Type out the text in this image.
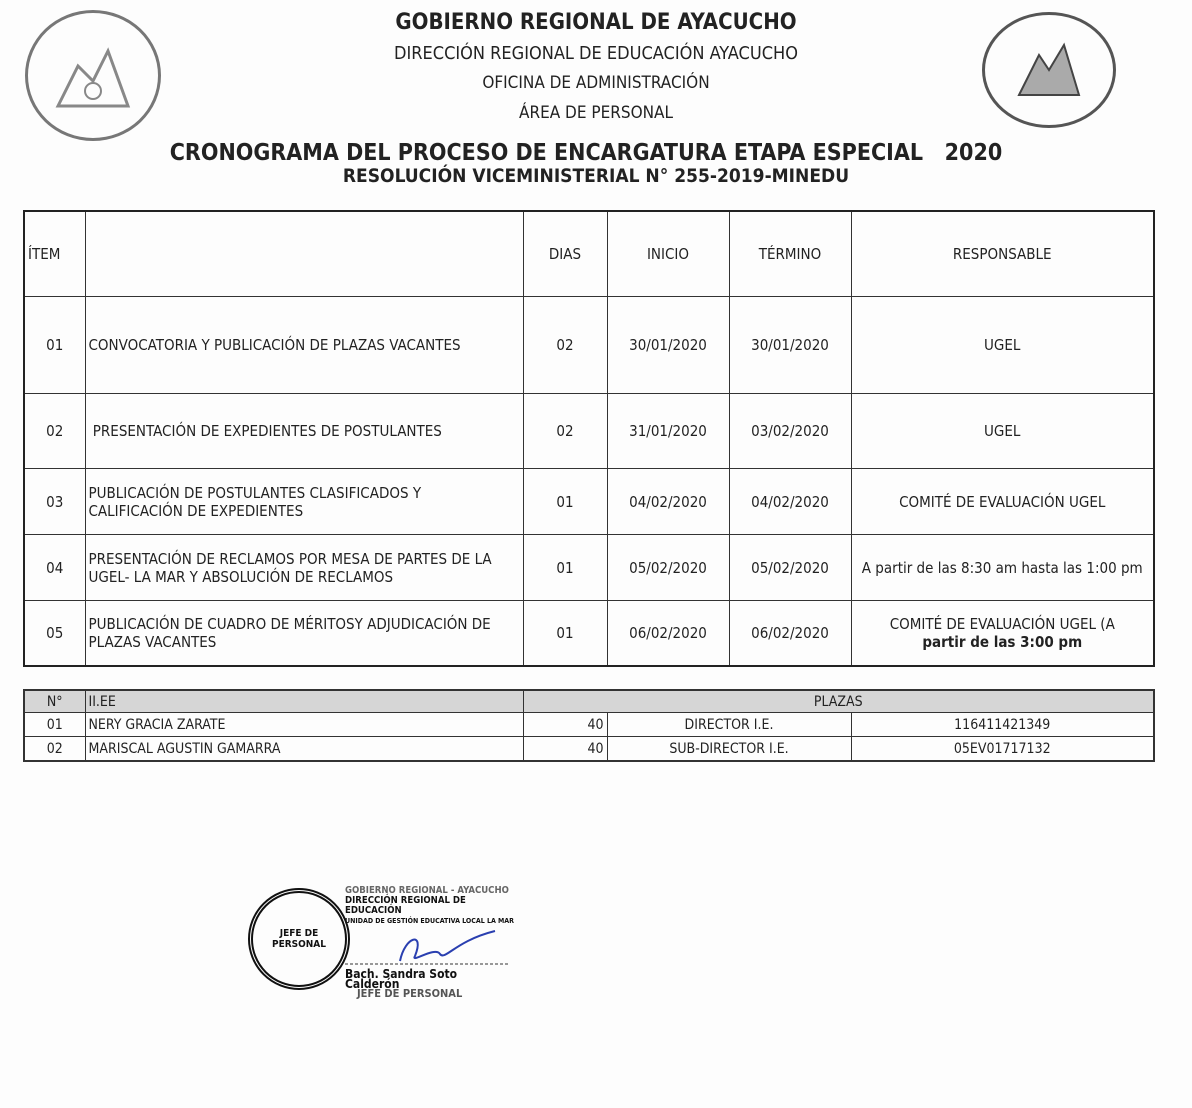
GOBIERNO REGIONAL DE AYACUCHO
DIRECCIÓN REGIONAL DE EDUCACIÓN AYACUCHO
OFICINA DE ADMINISTRACIÓN
ÁREA DE PERSONAL
CRONOGRAMA DEL PROCESO DE ENCARGATURA ETAPA ESPECIAL   2020
RESOLUCIÓN VICEMINISTERIAL N° 255-2019-MINEDU
ÍTEM		DIAS	INICIO	TÉRMINO	RESPONSABLE
01	CONVOCATORIA Y PUBLICACIÓN DE PLAZAS VACANTES	02	30/01/2020	30/01/2020	UGEL
02	PRESENTACIÓN DE EXPEDIENTES DE POSTULANTES	02	31/01/2020	03/02/2020	UGEL
03	PUBLICACIÓN DE POSTULANTES CLASIFICADOS Y CALIFICACIÓN DE EXPEDIENTES	01	04/02/2020	04/02/2020	COMITÉ DE EVALUACIÓN UGEL
04	PRESENTACIÓN DE RECLAMOS POR MESA DE PARTES DE LA UGEL- LA MAR Y ABSOLUCIÓN DE RECLAMOS	01	05/02/2020	05/02/2020	A partir de las 8:30 am hasta las 1:00 pm
05	PUBLICACIÓN DE CUADRO DE MÉRITOSY ADJUDICACIÓN DE PLAZAS VACANTES	01	06/02/2020	06/02/2020	COMITÉ DE EVALUACIÓN UGEL (A
partir de las 3:00 pm
N°	II.EE	PLAZAS		
01	NERY GRACIA ZARATE	40	DIRECTOR I.E.	116411421349
02	MARISCAL AGUSTIN GAMARRA	40	SUB-DIRECTOR I.E.	05EV01717132
JEFE DE
PERSONAL
GOBIERNO REGIONAL - AYACUCHO
DIRECCIÓN REGIONAL DE EDUCACIÓN
UNIDAD DE GESTIÓN EDUCATIVA LOCAL LA MAR
Bach. Sandra Soto Calderón
JEFE DE PERSONAL
